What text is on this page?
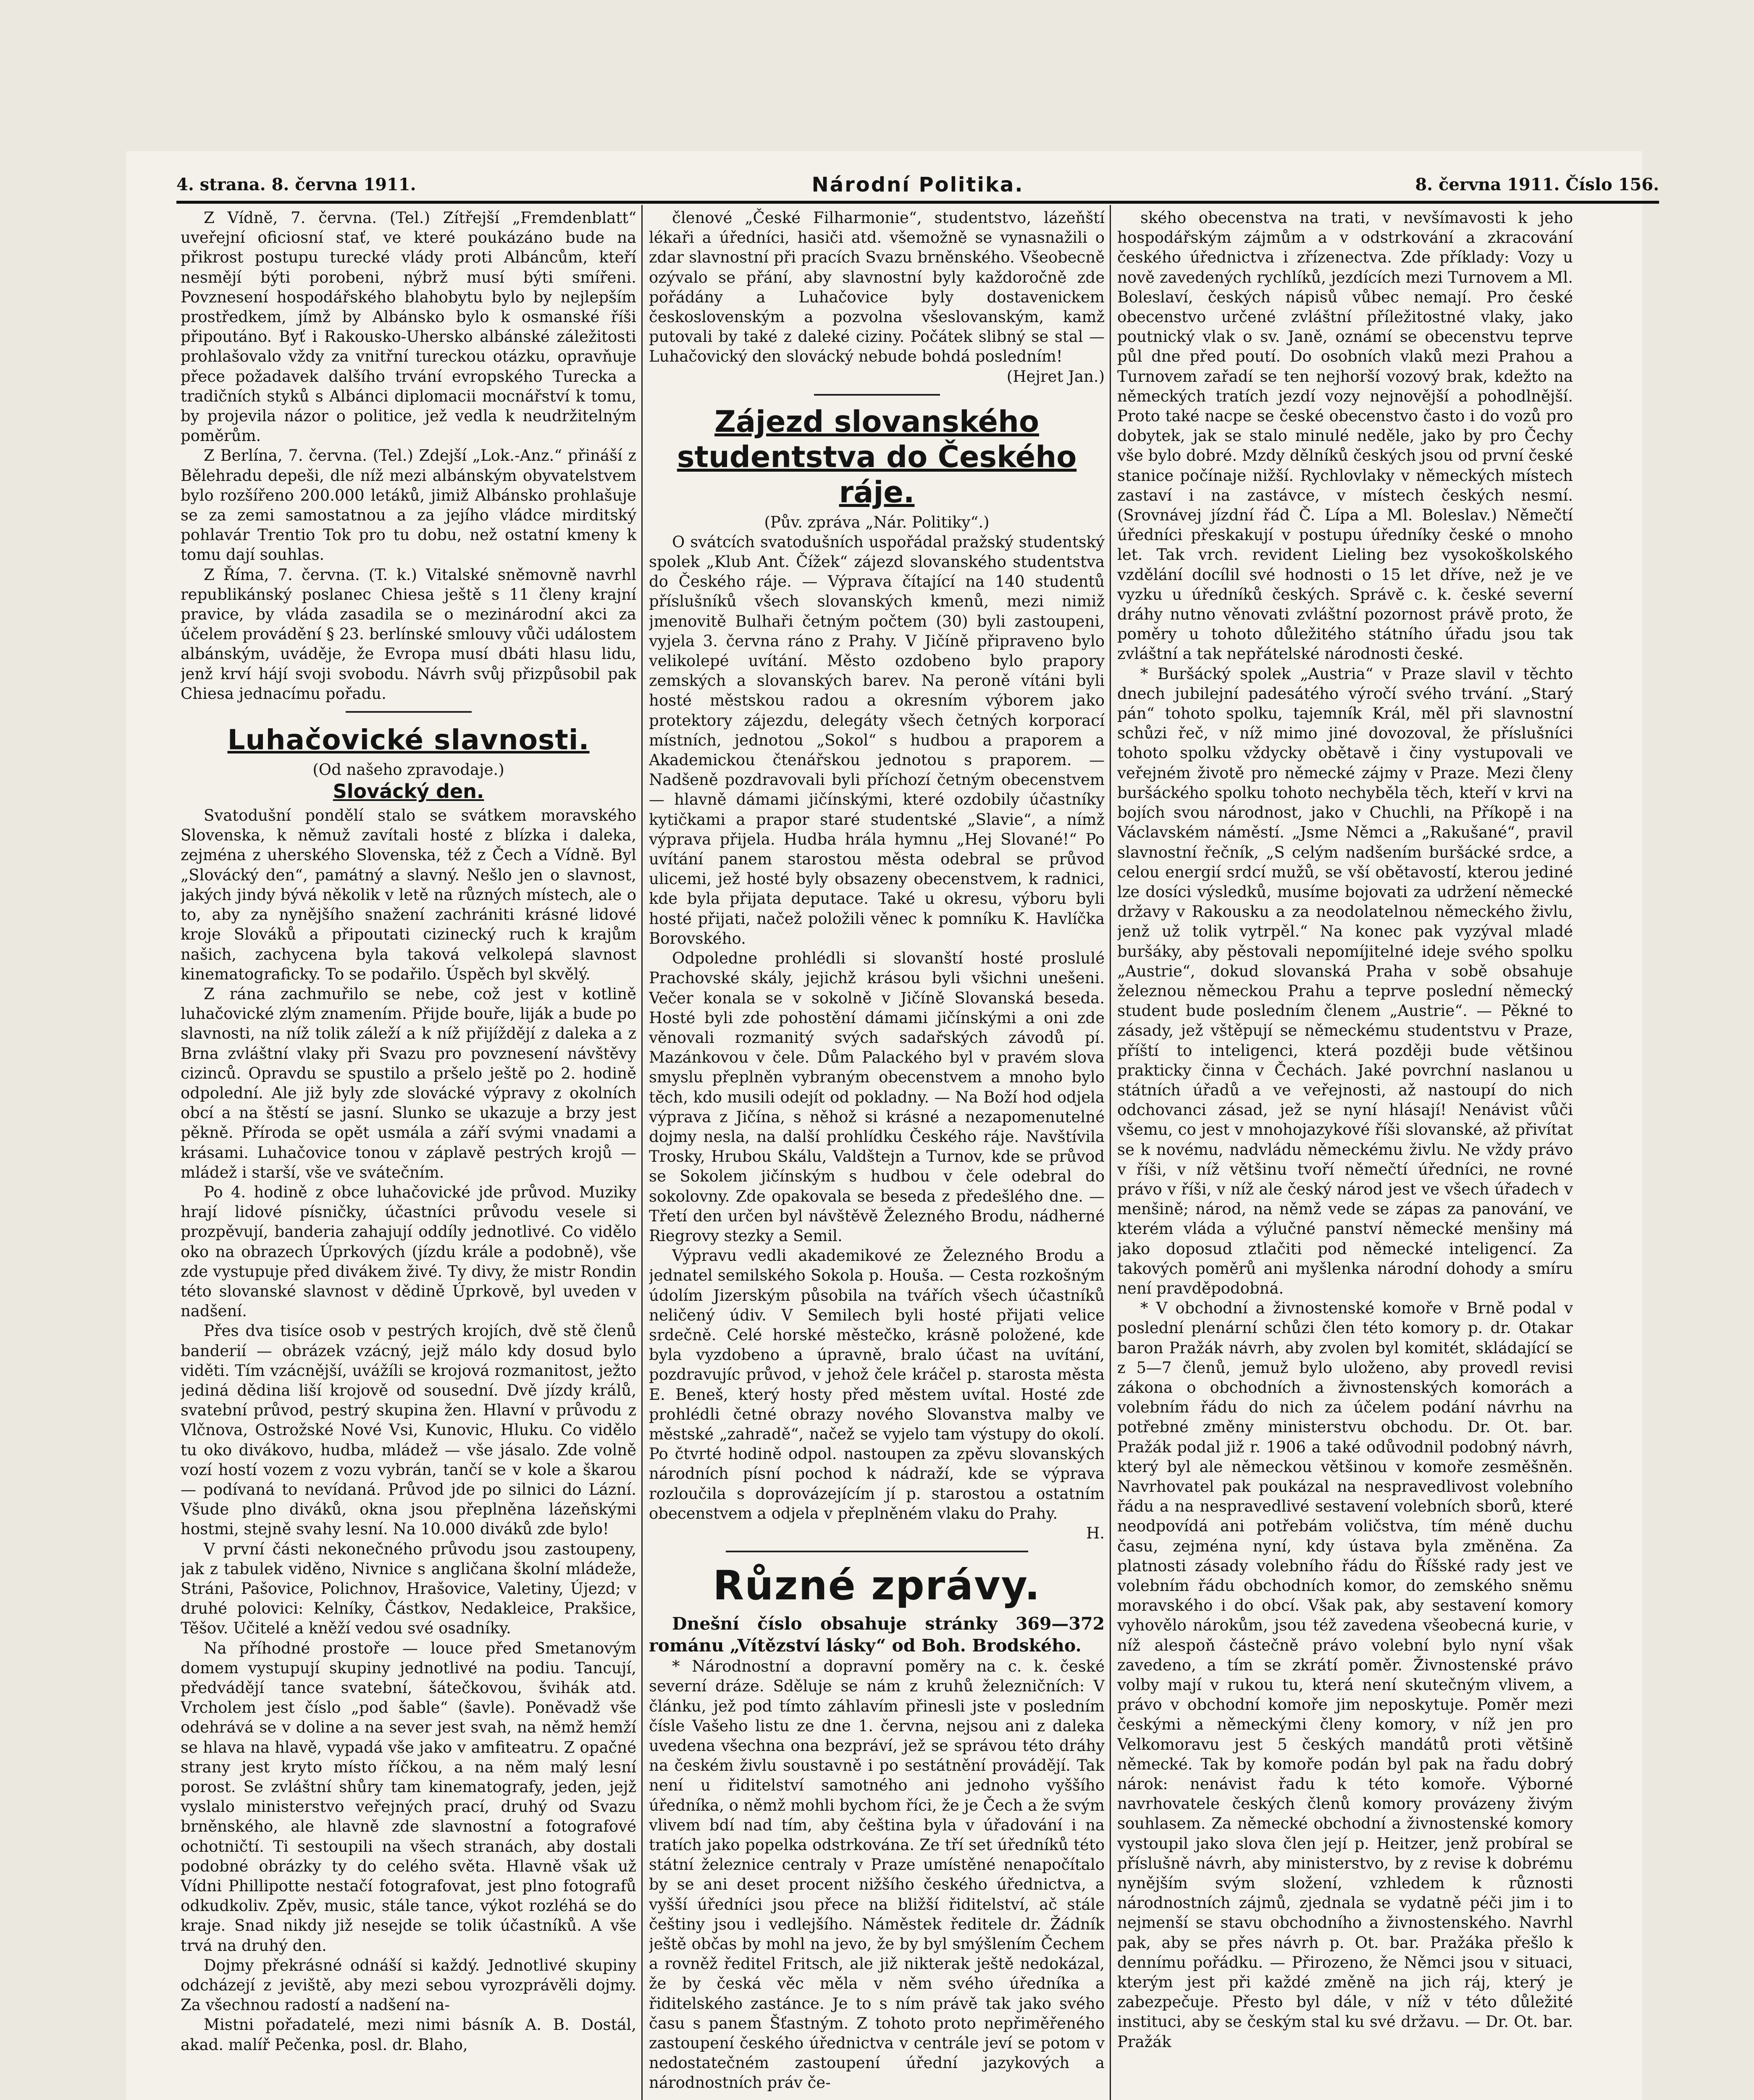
4. strana. 8. června 1911.	Národní Politika.	8. června 1911. Číslo 156.

Z Vídně, 7. června. (Tel.) Zítřejší „Fremdenblatt“ uveřejní oficiosní stať, ve které poukázáno bude na přikrost postupu turecké vlády proti Albáncům, kteří nesmějí býti porobeni, nýbrž musí býti smířeni. Povznesení hospodářského blahobytu bylo by nejlepším prostředkem, jímž by Albánsko bylo k osmanské říši připoutáno. Byť i Rakousko-Uhersko albánské záležitosti prohlašovalo vždy za vnitřní tureckou otázku, opravňuje přece požadavek dalšího trvání evropského Turecka a tradičních styků s Albánci diplomacii mocnářství k tomu, by projevila názor o politice, jež vedla k neudržitelným poměrům.

Z Berlína, 7. června. (Tel.) Zdejší „Lok.-Anz.“ přináší z Bělehradu depeši, dle níž mezi albánským obyvatelstvem bylo rozšířeno 200.000 letáků, jimiž Albánsko prohlašuje se za zemi samostatnou a za jejího vládce mirditský pohlavár Trentio Tok pro tu dobu, než ostatní kmeny k tomu dají souhlas.

Z Říma, 7. června. (T. k.) Vitalské sněmovně navrhl republikánský poslanec Chiesa ještě s 11 členy krajní pravice, by vláda zasadila se o mezinárodní akci za účelem provádění § 23. berlínské smlouvy vůči událostem albánským, uváděje, že Evropa musí dbáti hlasu lidu, jenž krví hájí svoji svobodu. Návrh svůj přizpůsobil pak Chiesa jednacímu pořadu.

Luhačovické slavnosti.
(Od našeho zpravodaje.)
Slovácký den.

Svatodušní pondělí stalo se svátkem moravského Slovenska, k němuž zavítali hosté z blízka i daleka, zejména z uherského Slovenska, též z Čech a Vídně. Byl „Slovácký den“, památný a slavný. Nešlo jen o slavnost, jakých jindy bývá několik v letě na různých místech, ale o to, aby za nynějšího snažení zachrániti krásné lidové kroje Slováků a připoutati cizinecký ruch k krajům našich, zachycena byla taková velkolepá slavnost kinematograficky. To se podařilo. Úspěch byl skvělý.

Z rána zachmuřilo se nebe, což jest v kotlině luhačovické zlým znamením. Přijde bouře, liják a bude po slavnosti, na níž tolik záleží a k níž přijíždějí z daleka a z Brna zvláštní vlaky při Svazu pro povznesení návštěvy cizinců. Opravdu se spustilo a pršelo ještě po 2. hodině odpolední. Ale již byly zde slovácké výpravy z okolních obcí a na štěstí se jasní. Slunko se ukazuje a brzy jest pěkně. Příroda se opět usmála a září svými vnadami a krásami. Luhačovice tonou v záplavě pestrých krojů — mládež i starší, vše ve svátečním.

Po 4. hodině z obce luhačovické jde průvod. Muziky hrají lidové písničky, účastníci průvodu vesele si prozpěvují, banderia zahajují oddíly jednotlivé. Co vidělo oko na obrazech Úprkových (jízdu krále a podobně), vše zde vystupuje před divákem živé. Ty divy, že mistr Rondin této slovanské slavnost v dědině Úprkově, byl uveden v nadšení.

Přes dva tisíce osob v pestrých krojích, dvě stě členů banderií — obrázek vzácný, jejž málo kdy dosud bylo viděti. Tím vzácnější, uvážíli se krojová rozmanitost, ježto jediná dědina liší krojově od sousední. Dvě jízdy králů, svatební průvod, pestrý skupina žen. Hlavní v průvodu z Vlčnova, Ostrožské Nové Vsi, Kunovic, Hluku. Co vidělo tu oko divákovo, hudba, mládež — vše jásalo. Zde volně vozí hostí vozem z vozu vybrán, tančí se v kole a škarou — podívaná to nevídaná. Průvod jde po silnici do Lázní. Všude plno diváků, okna jsou přeplněna lázeňskými hostmi, stejně svahy lesní. Na 10.000 diváků zde bylo!

V první části nekonečného průvodu jsou zastoupeny, jak z tabulek viděno, Nivnice s angličana školní mládeže, Stráni, Pašovice, Polichnov, Hrašovice, Valetiny, Újezd; v druhé polovici: Kelníky, Částkov, Nedakleice, Prakšice, Těšov. Učitelé a kněží vedou své osadníky.

Na příhodné prostoře — louce před Smetanovým domem vystupují skupiny jednotlivé na podiu. Tancují, předvádějí tance svatební, šátečkovou, švihák atd. Vrcholem jest číslo „pod šable“ (šavle). Poněvadž vše odehrává se v doline a na sever jest svah, na němž hemží se hlava na hlavě, vypadá vše jako v amfiteatru. Z opačné strany jest kryto místo říčkou, a na něm malý lesní porost. Se zvláštní shůry tam kinematografy, jeden, jejž vyslalo ministerstvo veřejných prací, druhý od Svazu brněnského, ale hlavně zde slavnostní a fotografové ochotničtí. Ti sestoupili na všech stranách, aby dostali podobné obrázky ty do celého světa. Hlavně však už Vídni Phillipotte nestačí fotografovat, jest plno fotografů odkudkoliv. Zpěv, music, stále tance, výkot rozléhá se do kraje. Snad nikdy již nesejde se tolik účastníků. A vše trvá na druhý den.

Dojmy překrásné odnáší si každý. Jednotlivé skupiny odcházejí z jeviště, aby mezi sebou vyrozprávěli dojmy. Za všechnou radostí a nadšení na-

Mistni pořadatelé, mezi nimi básník A. B. Dostál, akad. malíř Pečenka, posl. dr. Blaho,

členové „České Filharmonie“, studentstvo, lázeňští lékaři a úředníci, hasiči atd. všemožně se vynasnažili o zdar slavnostní při pracích Svazu brněnského. Všeobecně ozývalo se přání, aby slavnostní byly každoročně zde pořádány a Luhačovice byly dostavenickem československým a pozvolna všeslovanským, kamž putovali by také z daleké ciziny. Počátek slibný se stal — Luhačovický den slovácký nebude bohdá posledním!

(Hejret Jan.)
Zájezd slovanského studentstva do Českého ráje.
(Pův. zpráva „Nár. Politiky“.)

O svátcích svatodušních uspořádal pražský studentský spolek „Klub Ant. Čížek“ zájezd slovanského studentstva do Českého ráje. — Výprava čítající na 140 studentů příslušníků všech slovanských kmenů, mezi nimiž jmenovitě Bulhaři četným počtem (30) byli zastoupeni, vyjela 3. června ráno z Prahy. V Jičíně připraveno bylo velikolepé uvítání. Město ozdobeno bylo prapory zemských a slovanských barev. Na peroně vítáni byli hosté městskou radou a okresním výborem jako protektory zájezdu, delegáty všech četných korporací místních, jednotou „Sokol“ s hudbou a praporem a Akademickou čtenářskou jednotou s praporem. — Nadšeně pozdravovali byli příchozí četným obecenstvem — hlavně dámami jičínskými, které ozdobily účastníky kytičkami a prapor staré studentské „Slavie“, a nímž výprava přijela. Hudba hrála hymnu „Hej Slované!“ Po uvítání panem starostou města odebral se průvod ulicemi, jež hosté byly obsazeny obecenstvem, k radnici, kde byla přijata deputace. Také u okresu, výboru byli hosté přijati, načež položili věnec k pomníku K. Havlíčka Borovského.

Odpoledne prohlédli si slovanští hosté proslulé Prachovské skály, jejichž krásou byli všichni unešeni. Večer konala se v sokolně v Jičíně Slovanská beseda. Hosté byli zde pohostění dámami jičínskými a oni zde věnovali rozmanitý svých sadařských závodů pí. Mazánkovou v čele. Dům Palackého byl v pravém slova smyslu přeplněn vybraným obecenstvem a mnoho bylo těch, kdo musili odejít od pokladny. — Na Boží hod odjela výprava z Jičína, s něhož si krásné a nezapomenutelné dojmy nesla, na další prohlídku Českého ráje. Navštívila Trosky, Hrubou Skálu, Valdštejn a Turnov, kde se průvod se Sokolem jičínským s hudbou v čele odebral do sokolovny. Zde opakovala se beseda z předešlého dne. — Třetí den určen byl návštěvě Železného Brodu, nádherné Riegrovy stezky a Semil.

Výpravu vedli akademikové ze Železného Brodu a jednatel semilského Sokola p. Houša. — Cesta rozkošným údolím Jizerským působila na tvářích všech účastníků neličený údiv. V Semilech byli hosté přijati velice srdečně. Celé horské městečko, krásně položené, kde byla vyzdobeno a úpravně, bralo účast na uvítání, pozdravujíc průvod, v jehož čele kráčel p. starosta města E. Beneš, který hosty před městem uvítal. Hosté zde prohlédli četné obrazy nového Slovanstva malby ve městské „zahradě“, načež se vyjelo tam výstupy do okolí. Po čtvrté hodině odpol. nastoupen za zpěvu slovanských národních písní pochod k nádraží, kde se výprava rozloučila s doprovázejícím jí p. starostou a ostatním obecenstvem a odjela v přeplněném vlaku do Prahy.

H.
Různé zprávy.

Dnešní číslo obsahuje stránky 369—372 románu „Vítězství lásky“ od Boh. Brodského.

* Národnostní a dopravní poměry na c. k. české severní dráze. Sděluje se nám z kruhů železničních: V článku, jež pod tímto záhlavím přinesli jste v posledním čísle Vašeho listu ze dne 1. června, nejsou ani z daleka uvedena všechna ona bezpráví, jež se správou této dráhy na českém živlu soustavně i po sestátnění provádějí. Tak není u řiditelství samotného ani jednoho vyššího úředníka, o němž mohli bychom říci, že je Čech a že svým vlivem bdí nad tím, aby čeština byla v úřadování i na tratích jako popelka odstrkována. Ze tří set úředníků této státní železnice centraly v Praze umístěné nenapočítalo by se ani deset procent nižšího českého úřednictva, a vyšší úředníci jsou přece na bližší řiditelství, ač stále češtiny jsou i vedlejšího. Náměstek ředitele dr. Žádník ještě občas by mohl na jevo, že by byl smýšlením Čechem a rovněž ředitel Fritsch, ale již nikterak ještě nedokázal, že by česká věc měla v něm svého úředníka a řiditelského zastánce. Je to s ním právě tak jako svého času s panem Šťastným. Z tohoto proto nepřiměřeného zastoupení českého úřednictva v centrále jeví se potom v nedostatečném zastoupení úřední jazykových a národnostních práv če-

ského obecenstva na trati, v nevšímavosti k jeho hospodářským zájmům a v odstrkování a zkracování českého úřednictva i zřízenectva. Zde příklady: Vozy u nově zavedených rychlíků, jezdících mezi Turnovem a Ml. Boleslaví, českých nápisů vůbec nemají. Pro české obecenstvo určené zvláštní příležitostné vlaky, jako poutnický vlak o sv. Janě, oznámí se obecenstvu teprve půl dne před poutí. Do osobních vlaků mezi Prahou a Turnovem zařadí se ten nejhorší vozový brak, kdežto na německých tratích jezdí vozy nejnovější a pohodlnější. Proto také nacpe se české obecenstvo často i do vozů pro dobytek, jak se stalo minulé neděle, jako by pro Čechy vše bylo dobré. Mzdy dělníků českých jsou od první české stanice počínaje nižší. Rychlovlaky v německých místech zastaví i na zastávce, v místech českých nesmí. (Srovnávej jízdní řád Č. Lípa a Ml. Boleslav.) Němečtí úředníci přeskakují v postupu úředníky české o mnoho let. Tak vrch. revident Lieling bez vysokoškolského vzdělání docílil své hodnosti o 15 let dříve, než je ve vyzku u úředníků českých. Správě c. k. české severní dráhy nutno věnovati zvláštní pozornost právě proto, že poměry u tohoto důležitého státního úřadu jsou tak zvláštní a tak nepřátelské národnosti české.

* Buršácký spolek „Austria“ v Praze slavil v těchto dnech jubilejní padesátého výročí svého trvání. „Starý pán“ tohoto spolku, tajemník Král, měl při slavnostní schůzi řeč, v níž mimo jiné dovozoval, že příslušníci tohoto spolku vždycky obětavě i činy vystupovali ve veřejném životě pro německé zájmy v Praze. Mezi členy buršáckého spolku tohoto nechyběla těch, kteří v krvi na bojích svou národnost, jako v Chuchli, na Příkopě i na Václavském náměstí. „Jsme Němci a „Rakušané“, pravil slavnostní řečník, „S celým nadšením buršácké srdce, a celou energií srdcí mužů, se vší obětavostí, kterou jediné lze dosíci výsledků, musíme bojovati za udržení německé državy v Rakousku a za neodolatelnou německého živlu, jenž už tolik vytrpěl.“ Na konec pak vyzýval mladé buršáky, aby pěstovali nepomíjitelné ideje svého spolku „Austrie“, dokud slovanská Praha v sobě obsahuje železnou německou Prahu a teprve poslední německý student bude posledním členem „Austrie“. — Pěkné to zásady, jež vštěpují se německému studentstvu v Praze, příští to inteligenci, která později bude většinou prakticky činna v Čechách. Jaké povrchní naslanou u státních úřadů a ve veřejnosti, až nastoupí do nich odchovanci zásad, jež se nyní hlásají! Nenávist vůči všemu, co jest v mnohojazykové říši slovanské, až přivítat se k novému, nadvládu německému živlu. Ne vždy právo v říši, v níž většinu tvoří němečtí úředníci, ne rovné právo v říši, v níž ale český národ jest ve všech úřadech v menšině; národ, na němž vede se zápas za panování, ve kterém vláda a výlučné panství německé menšiny má jako doposud ztlačiti pod německé inteligencí. Za takových poměrů ani myšlenka národní dohody a smíru není pravděpodobná.

* V obchodní a živnostenské komoře v Brně podal v poslední plenární schůzi člen této komory p. dr. Otakar baron Pražák návrh, aby zvolen byl komitét, skládající se z 5—7 členů, jemuž bylo uloženo, aby provedl revisi zákona o obchodních a živnostenských komorách a volebním řádu do nich za účelem podání návrhu na potřebné změny ministerstvu obchodu. Dr. Ot. bar. Pražák podal již r. 1906 a také odůvodnil podobný návrh, který byl ale německou většinou v komoře zesměšněn. Navrhovatel pak poukázal na nespravedlivost volebního řádu a na nespravedlivé sestavení volebních sborů, které neodpovídá ani potřebám voličstva, tím méně duchu času, zejména nyní, kdy ústava byla změněna. Za platnosti zásady volebního řádu do Říšské rady jest ve volebním řádu obchodních komor, do zemského sněmu moravského i do obcí. Však pak, aby sestavení komory vyhovělo nárokům, jsou též zavedena všeobecná kurie, v níž alespoň částečně právo volební bylo nyní však zavedeno, a tím se zkrátí poměr. Živnostenské právo volby mají v rukou tu, která není skutečným vlivem, a právo v obchodní komoře jim neposkytuje. Poměr mezi českými a německými členy komory, v níž jen pro Velkomoravu jest 5 českých mandátů proti většině německé. Tak by komoře podán byl pak na řadu dobrý nárok: nenávist řadu k této komoře. Výborné navrhovatele českých členů komory provázeny živým souhlasem. Za německé obchodní a živnostenské komory vystoupil jako slova člen její p. Heitzer, jenž probíral se příslušně návrh, aby ministerstvo, by z revise k dobrému nynějším svým složení, vzhledem k různosti národnostních zájmů, zjednala se vydatně péči jim i to nejmenší se stavu obchodního a živnostenského. Navrhl pak, aby se přes návrh p. Ot. bar. Pražáka přešlo k dennímu pořádku. — Přirozeno, že Němci jsou v situaci, kterým jest při každé změně na jich ráj, který je zabezpečuje. Přesto byl dále, v níž v této důležité instituci, aby se českým stal ku své državu. — Dr. Ot. bar. Pražák
